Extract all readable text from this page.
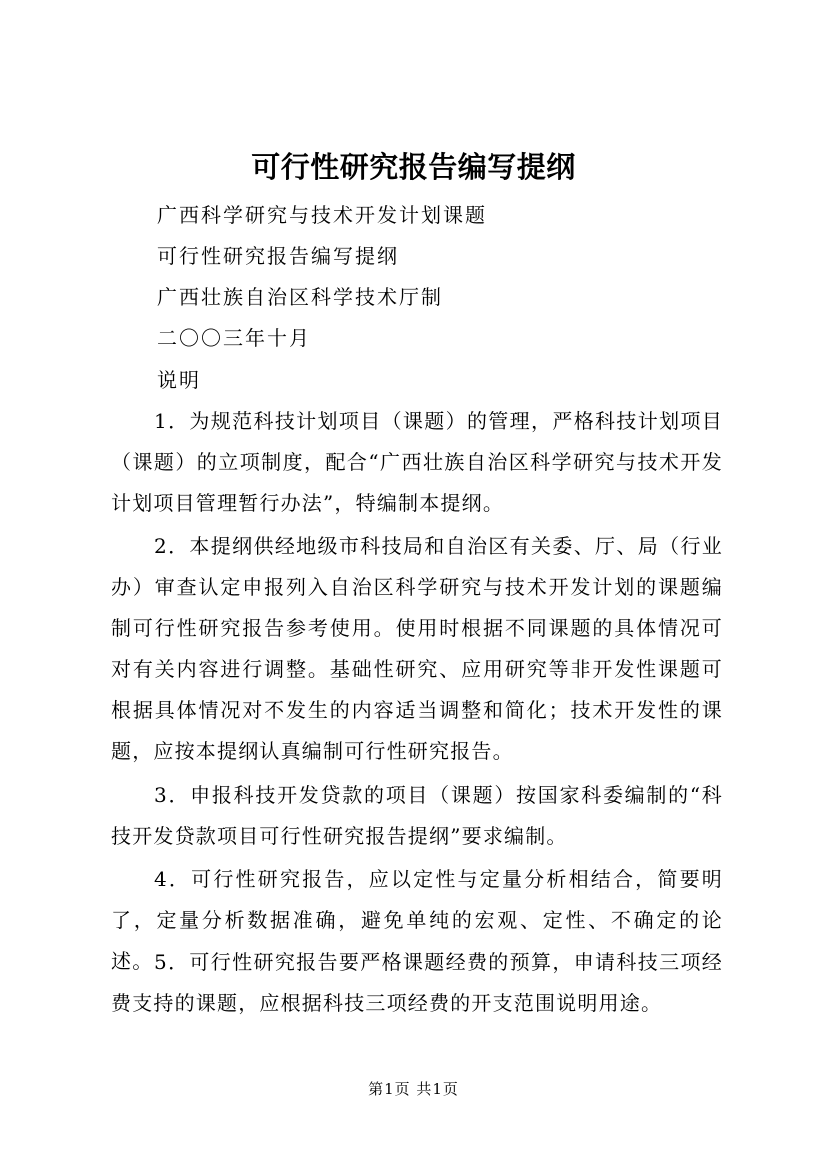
可行性研究报告编写提纲

广西科学研究与技术开发计划课题

可行性研究报告编写提纲

广西壮族自治区科学技术厅制

二〇〇三年十月

说明

1．为规范科技计划项目（课题）的管理，严格科技计划项目（课题）的立项制度，配合“广西壮族自治区科学研究与技术开发计划项目管理暂行办法”，特编制本提纲。

2．本提纲供经地级市科技局和自治区有关委、厅、局（行业办）审查认定申报列入自治区科学研究与技术开发计划的课题编制可行性研究报告参考使用。使用时根据不同课题的具体情况可对有关内容进行调整。基础性研究、应用研究等非开发性课题可根据具体情况对不发生的内容适当调整和简化；技术开发性的课题，应按本提纲认真编制可行性研究报告。

3．申报科技开发贷款的项目（课题）按国家科委编制的“科技开发贷款项目可行性研究报告提纲”要求编制。

4．可行性研究报告，应以定性与定量分析相结合，简要明了，定量分析数据准确，避免单纯的宏观、定性、不确定的论述。 5．可行性研究报告要严格课题经费的预算，申请科技三项经费支持的课题，应根据科技三项经费的开支范围说明用途。

第1页 共1页
